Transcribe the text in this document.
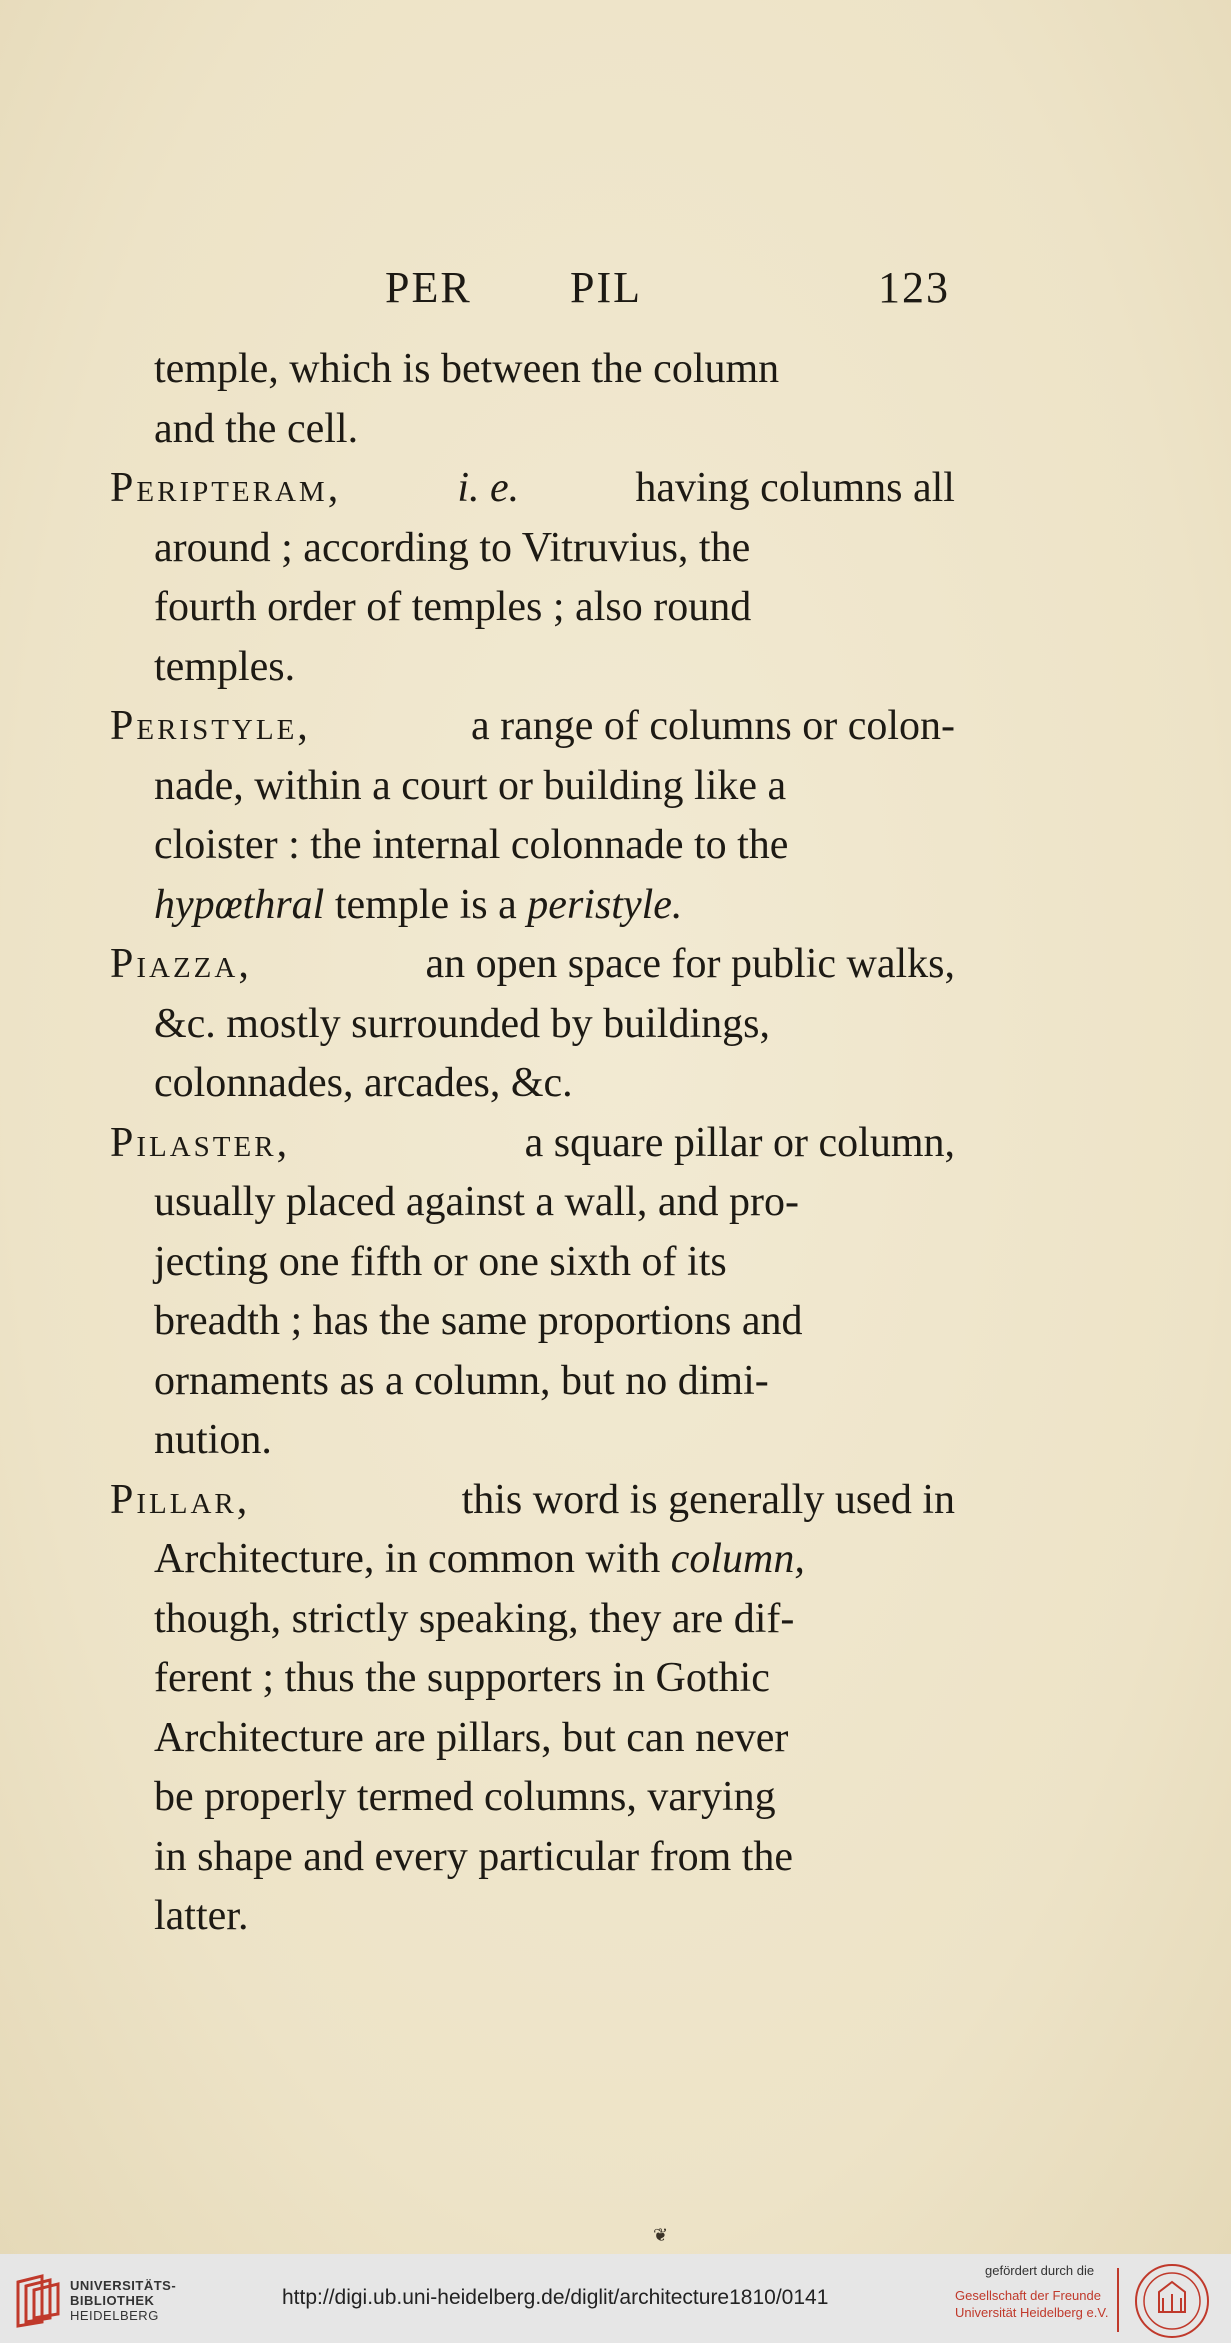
PER PIL	123
temple, which is between the column
and the cell.
Peripteram,	i. e.	having columns all
around ; according to Vitruvius, the
fourth order of temples ; also round
temples.
Peristyle,	a range of columns or colon-
nade, within a court or building like a
cloister : the internal colonnade to the
hypœthral temple is a peristyle.
Piazza,	an open space for public walks,
&c. mostly surrounded by buildings,
colonnades, arcades, &c.
Pilaster,	a square pillar or column,
usually placed against a wall, and pro-
jecting one fifth or one sixth of its
breadth ; has the same proportions and
ornaments as a column, but no dimi-
nution.
Pillar,	this word is generally used in
Architecture, in common with column,
though, strictly speaking, they are dif-
ferent ; thus the supporters in Gothic
Architecture are pillars, but can never
be properly termed columns, varying
in shape and every particular from the
latter.
❦
UNIVERSITÄTS-
BIBLIOTHEK
HEIDELBERG
http://digi.ub.uni-heidelberg.de/diglit/architecture1810/0141
gefördert durch die
Gesellschaft der Freunde
Universität Heidelberg e.V.
